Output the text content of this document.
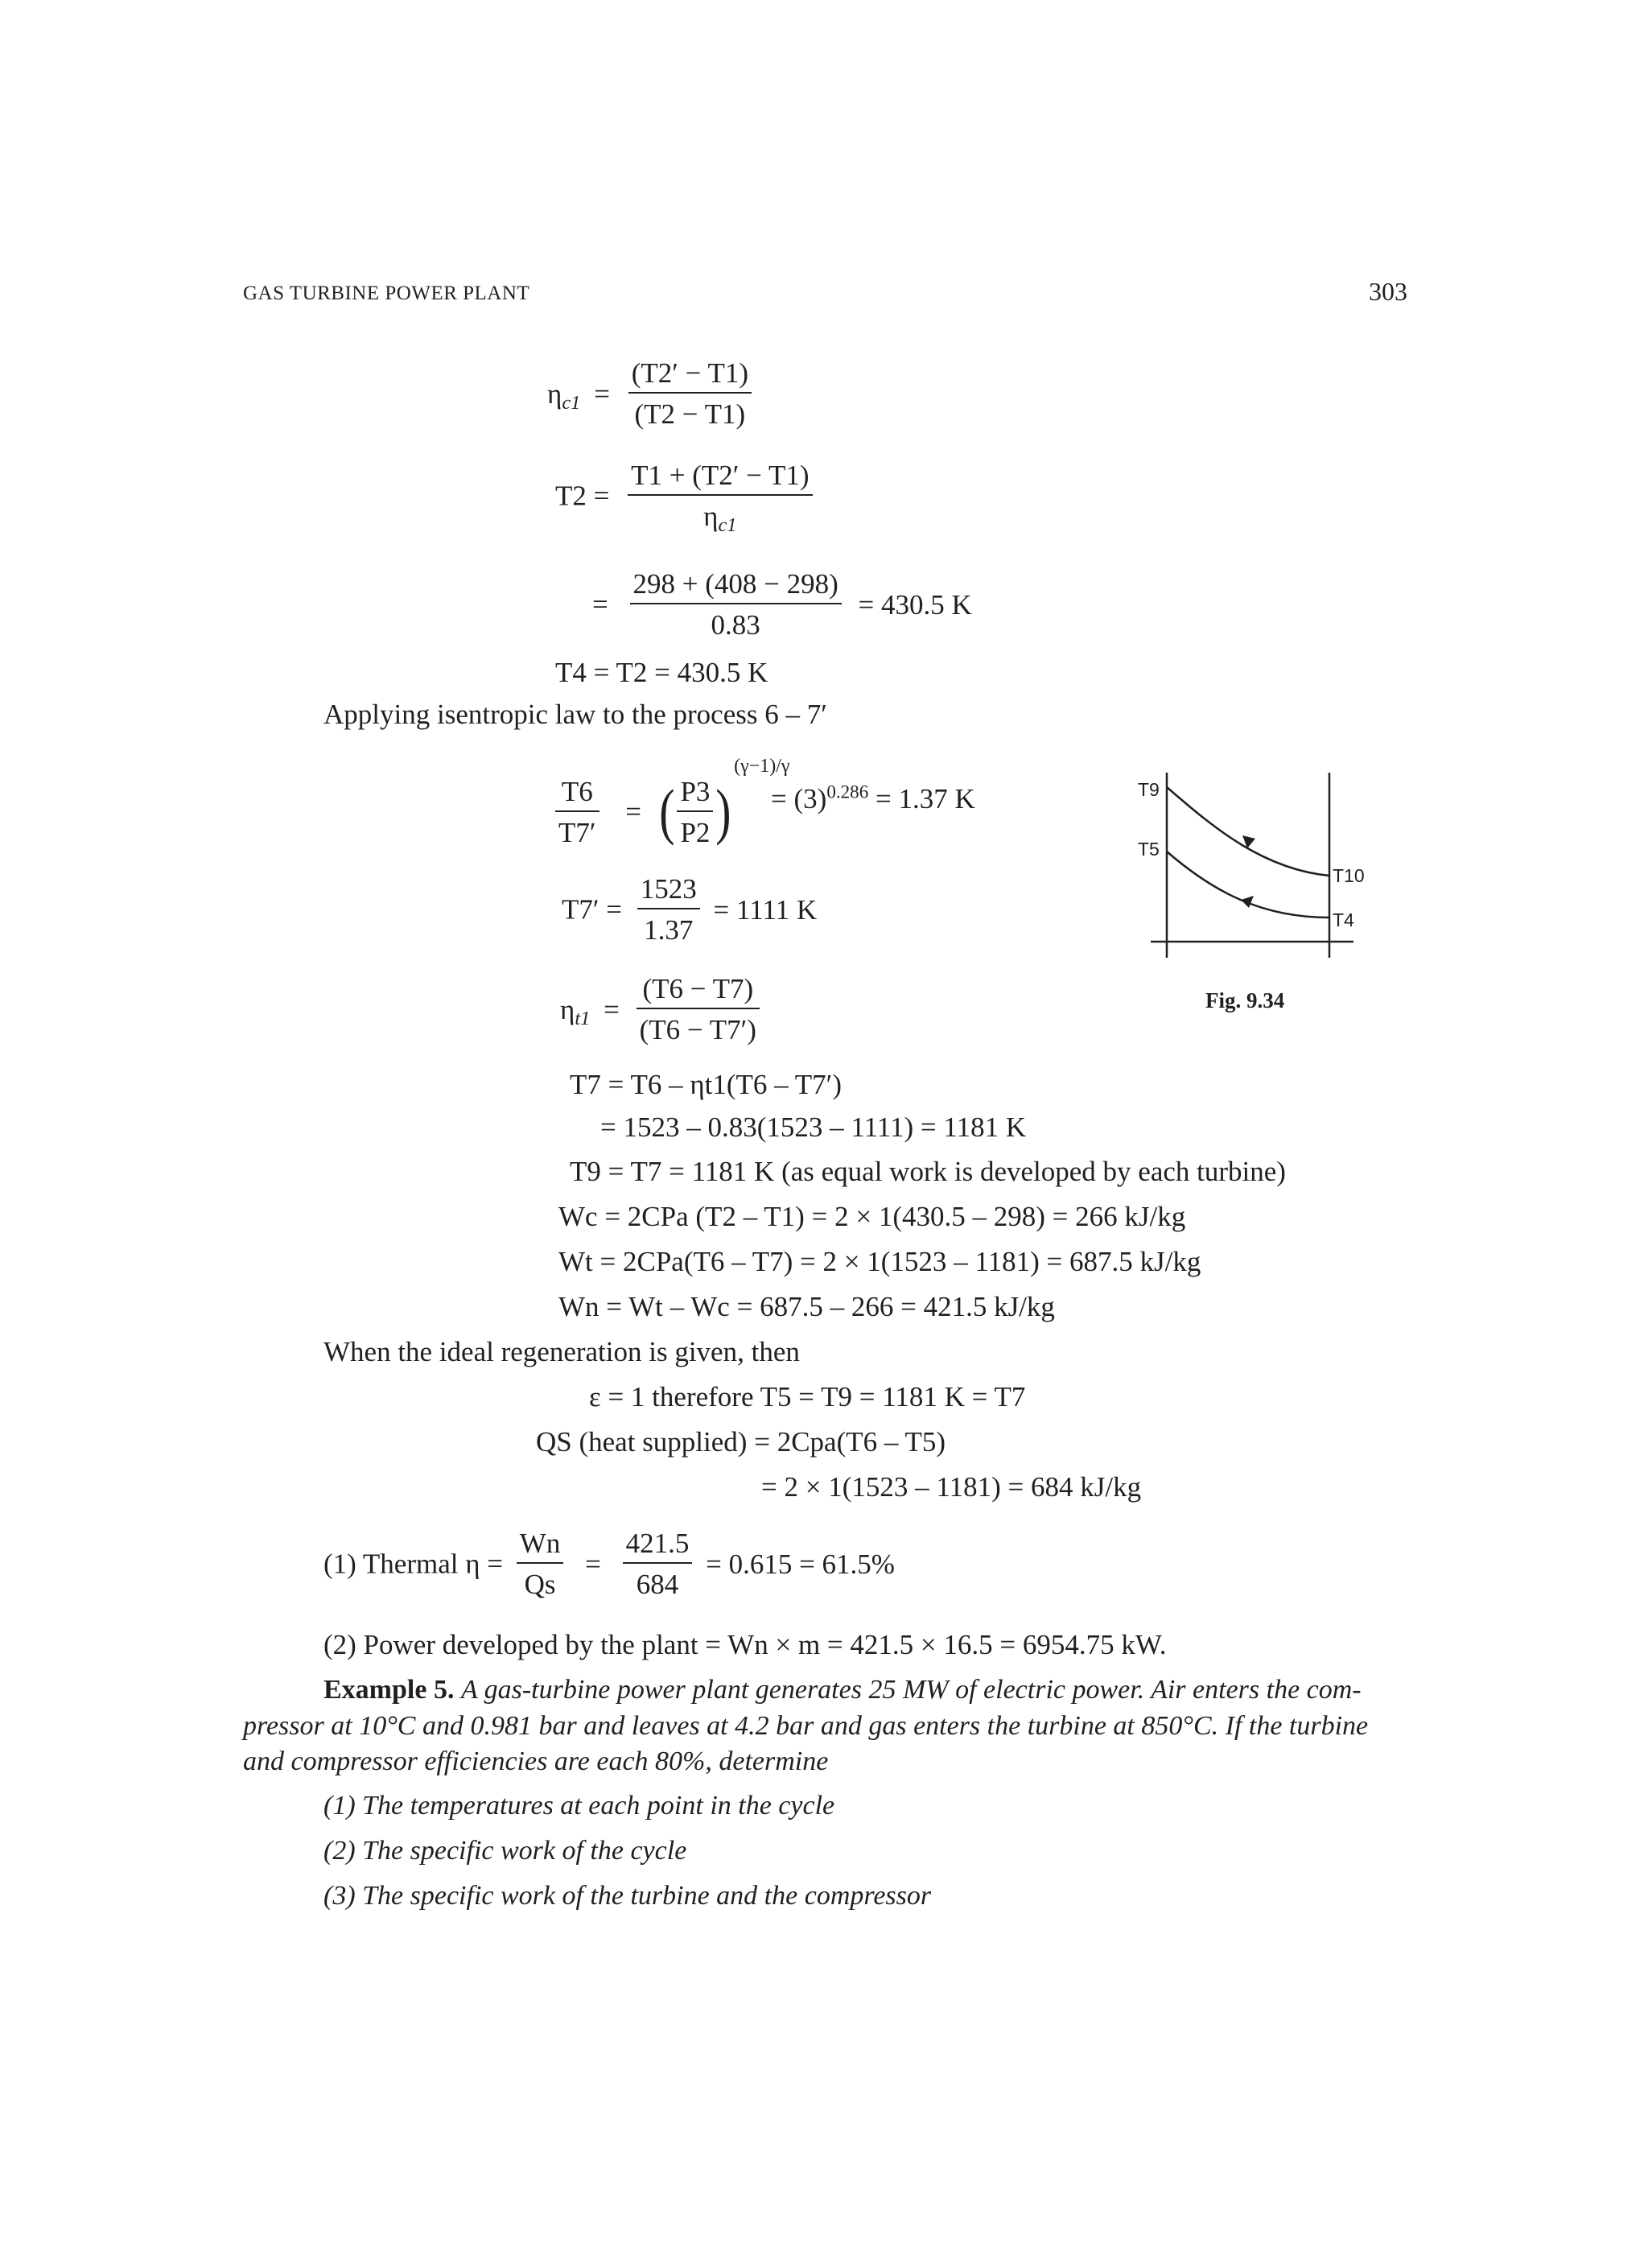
GAS TURBINE POWER PLANT	303
$\eta_{c1} = \frac{(T2' - T1)}{(T2 - T1)}$
$T2 = \frac{T1 + (T2' - T1)}{\eta_{c1}}$
= $\frac{298 + (408 - 298)}{0.83} = 430.5$ K
T4 = T2 = 430.5 K
Applying isentropic law to the process 6 – 7′
$\frac{T6}{T7'}$ = ( $\frac{P3}{P2} )^{(\gamma-1)/\gamma}$
= $(3)^{0.286} = 1.37$ K
$T7' = \frac{1523}{1.37} = 1111$ K
$\eta_{t1} = \frac{(T6 - T7)}{(T6 - T7')}$
T7 = T6 – ηt1(T6 – T7′)
= 1523 – 0.83(1523 – 1111) = 1181 K
T9 = T7 = 1181 K (as equal work is developed by each turbine)
Wc = 2CPa (T2 – T1) = 2 × 1(430.5 – 298) = 266 kJ/kg
Wt = 2CPa(T6 – T7) = 2 × 1(1523 – 1181) = 687.5 kJ/kg
Wn = Wt – Wc = 687.5 – 266 = 421.5 kJ/kg
When the ideal regeneration is given, then
ε = 1 therefore T5 = T9 = 1181 K = T7
QS (heat supplied) = 2Cpa(T6 – T5)
= 2 × 1(1523 – 1181) = 684 kJ/kg
(1) Thermal $\eta = \frac{Wn}{Qs} = \frac{421.5}{684} = 0.615 = 61.5\%$
(2) Power developed by the plant = Wn × m = 421.5 × 16.5 = 6954.75 kW.
Example 5. A gas-turbine power plant generates 25 MW of electric power. Air enters the com-
pressor at 10°C and 0.981 bar and leaves at 4.2 bar and gas enters the turbine at 850°C. If the turbine
and compressor efficiencies are each 80%, determine
(1) The temperatures at each point in the cycle
(2) The specific work of the cycle
(3) The specific work of the turbine and the compressor
T9
T5
T10
T4
Fig. 9.34
